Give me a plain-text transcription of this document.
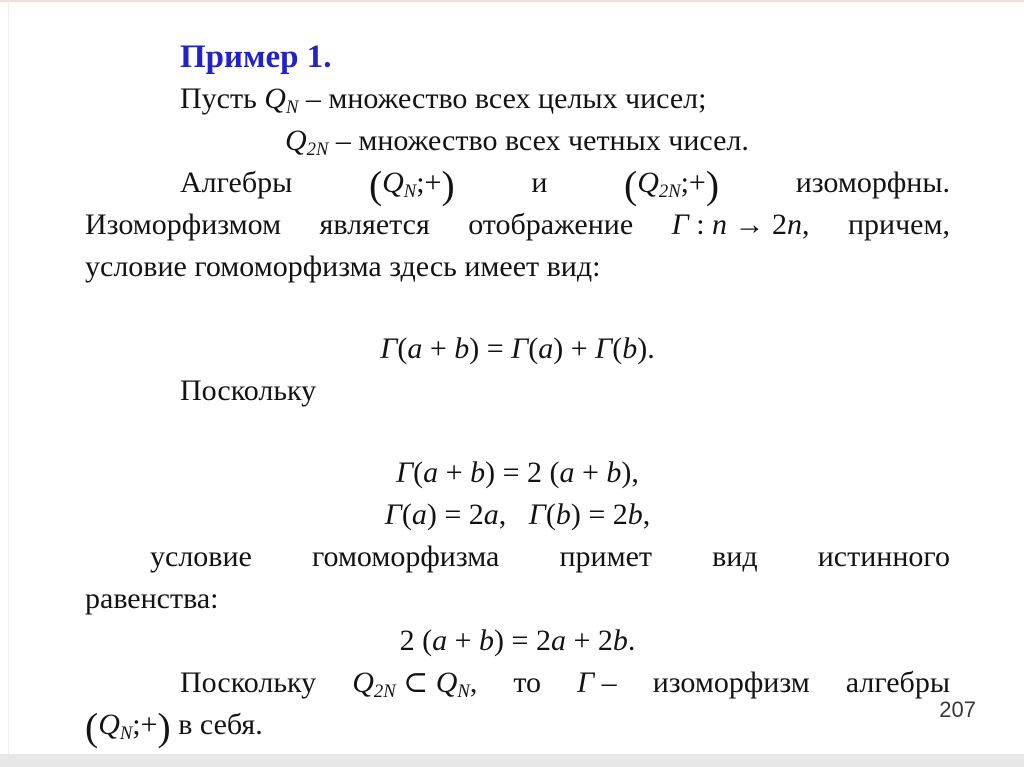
Пример 1.
Пусть QN – множество всех целых чисел;
Q2N – множество всех четных чисел.
Алгебры (QN;+)	и (Q2N;+)	изоморфны.
Изоморфизмом является отображение Γ : n → 2n, причем,
условие гомоморфизма здесь имеет вид:
Γ(a + b) = Γ(a) + Γ(b).
Поскольку
Γ(a + b) = 2 (a + b),
Γ(a) = 2a,   Γ(b) = 2b,
условие гомоморфизма примет вид истинного
равенства:
2 (a + b) = 2a + 2b.
Поскольку Q2N ⊂ QN, то Γ – изоморфизм алгебры
(QN;+) в себя.	207
